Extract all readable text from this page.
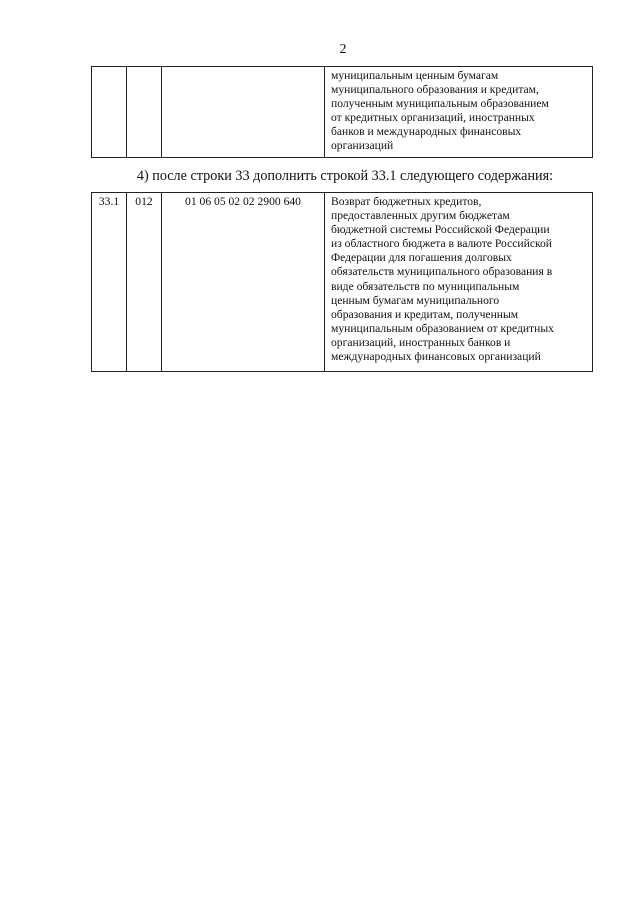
2

муниципальным ценным бумагам
муниципального образования и кредитам,
полученным муниципальным образованием
от кредитных организаций, иностранных
банков и международных финансовых
организаций
4) после строки 33 дополнить строкой 33.1 следующего содержания:
33.1	012	01 06 05 02 02 2900 640	Возврат бюджетных кредитов,
предоставленных другим бюджетам
бюджетной системы Российской Федерации
из областного бюджета в валюте Российской
Федерации для погашения долговых
обязательств муниципального образования в
виде обязательств по муниципальным
ценным бумагам муниципального
образования и кредитам, полученным
муниципальным образованием от кредитных
организаций, иностранных банков и
международных финансовых организаций
